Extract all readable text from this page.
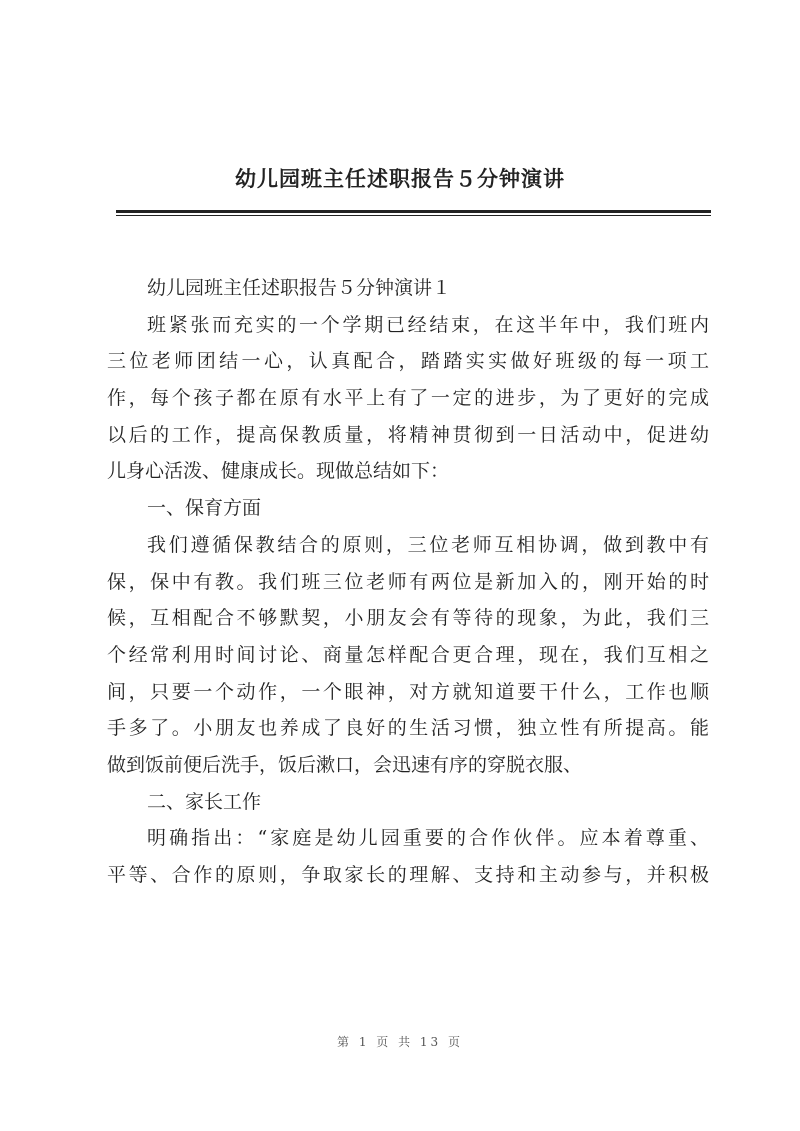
幼儿园班主任述职报告５分钟演讲
幼儿园班主任述职报告５分钟演讲１
班紧张而充实的一个学期已经结束，在这半年中，我们班内
三位老师团结一心，认真配合，踏踏实实做好班级的每一项工
作，每个孩子都在原有水平上有了一定的进步，为了更好的完成
以后的工作，提高保教质量，将精神贯彻到一日活动中，促进幼
儿身心活泼、健康成长。现做总结如下：
一、保育方面
我们遵循保教结合的原则，三位老师互相协调，做到教中有
保，保中有教。我们班三位老师有两位是新加入的，刚开始的时
候，互相配合不够默契，小朋友会有等待的现象，为此，我们三
个经常利用时间讨论、商量怎样配合更合理，现在，我们互相之
间，只要一个动作，一个眼神，对方就知道要干什么，工作也顺
手多了。小朋友也养成了良好的生活习惯，独立性有所提高。能
做到饭前便后洗手，饭后漱口，会迅速有序的穿脱衣服、
二、家长工作
明确指出：“家庭是幼儿园重要的合作伙伴。应本着尊重、
平等、合作的原则，争取家长的理解、支持和主动参与，并积极
第 1 页 共 13 页
